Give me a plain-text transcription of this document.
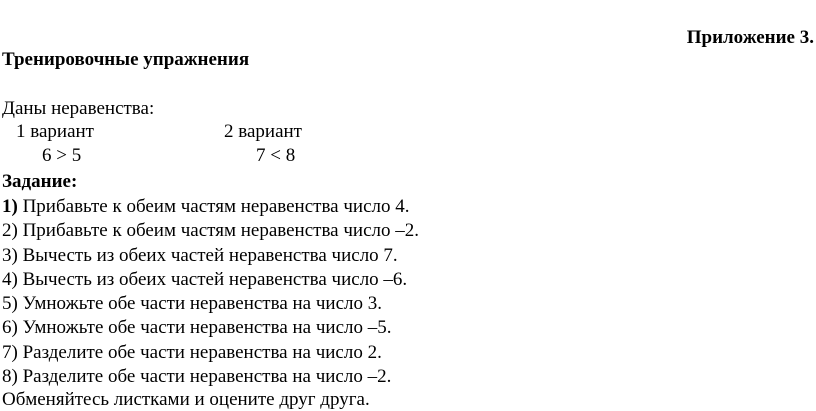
Приложение 3.
Тренировочные упражнения
Даны неравенства:
1 вариант	2 вариант
6 > 5	7 < 8
Задание:
1) Прибавьте к обеим частям неравенства число 4.
2) Прибавьте к обеим частям неравенства число –2.
3) Вычесть из обеих частей неравенства число 7.
4) Вычесть из обеих частей неравенства число –6.
5) Умножьте обе части неравенства на число 3.
6) Умножьте обе части неравенства на число –5.
7) Разделите обе части неравенства на число 2.
8) Разделите обе части неравенства на число –2.
Обменяйтесь листками и оцените друг друга.
